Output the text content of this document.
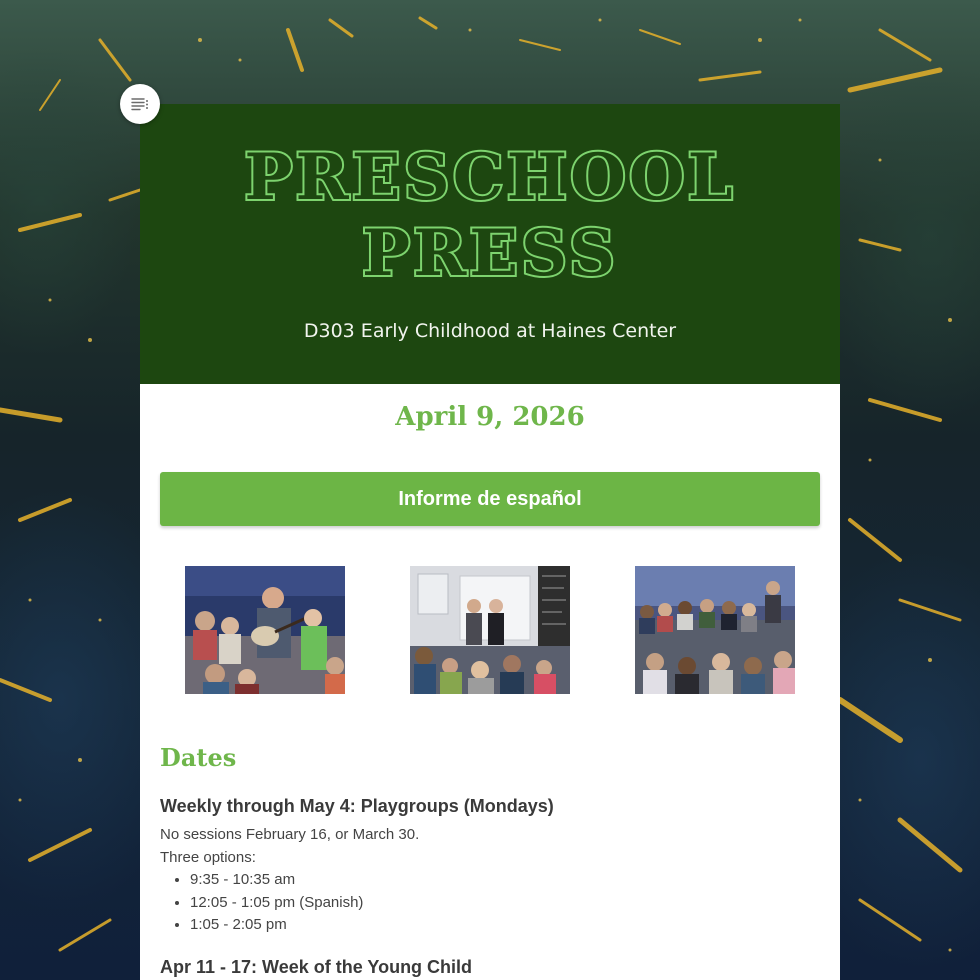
PRESCHOOL
PRESS
D303 Early Childhood at Haines Center
April 9, 2026
Informe de español
Dates
Weekly through May 4: Playgroups (Mondays)
No sessions February 16, or March 30.
Three options:
• 9:35 - 10:35 am
• 12:05 - 1:05 pm (Spanish)
• 1:05 - 2:05 pm
Apr 11 - 17: Week of the Young Child
